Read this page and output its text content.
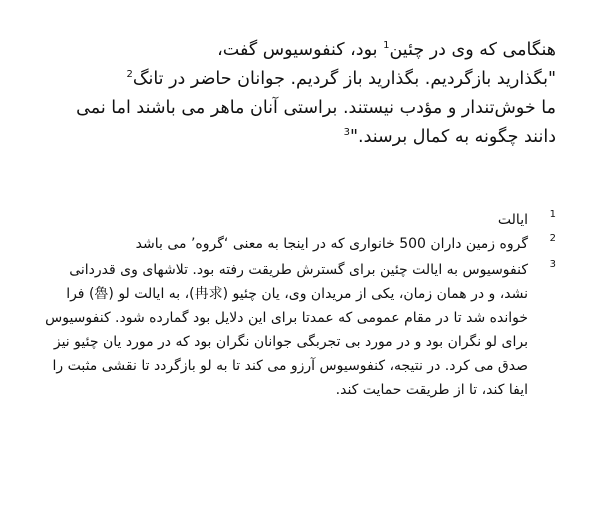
هنگامی که وی در چئین$^1$ بود، کنفوسیوس گفت،
"بگذارید بازگردیم. بگذارید باز گردیم. جوانان حاضر در تانگ$^2$
ما خوش‌تندار و مؤدب نیستند. براستی آنان ماهر می باشند اما نمی
دانند چگونه به کمال برسند."$^3$

1
ایالت
2
گروه زمین داران 500 خانواری که در اینجا به معنی ‘گروه’ می باشد
3
کنفوسیوس به ایالت چئین برای گسترش طریقت رفته بود. تلاشهای وی قدردانی نشد، و در همان زمان، یکی از مریدان وی، یان چئیو (冉求)، به ایالت لو (魯) فرا خوانده شد تا در مقام عمومی که عمدتا برای این دلایل بود گمارده شود. کنفوسیوس برای لو نگران بود و در مورد بی تجربگی جوانان نگران بود که در مورد یان چئیو نیز صدق می کرد. در نتیجه، کنفوسیوس آرزو می کند تا به لو بازگردد تا نقشی مثبت را ایفا کند، تا از طریقت حمایت کند.
